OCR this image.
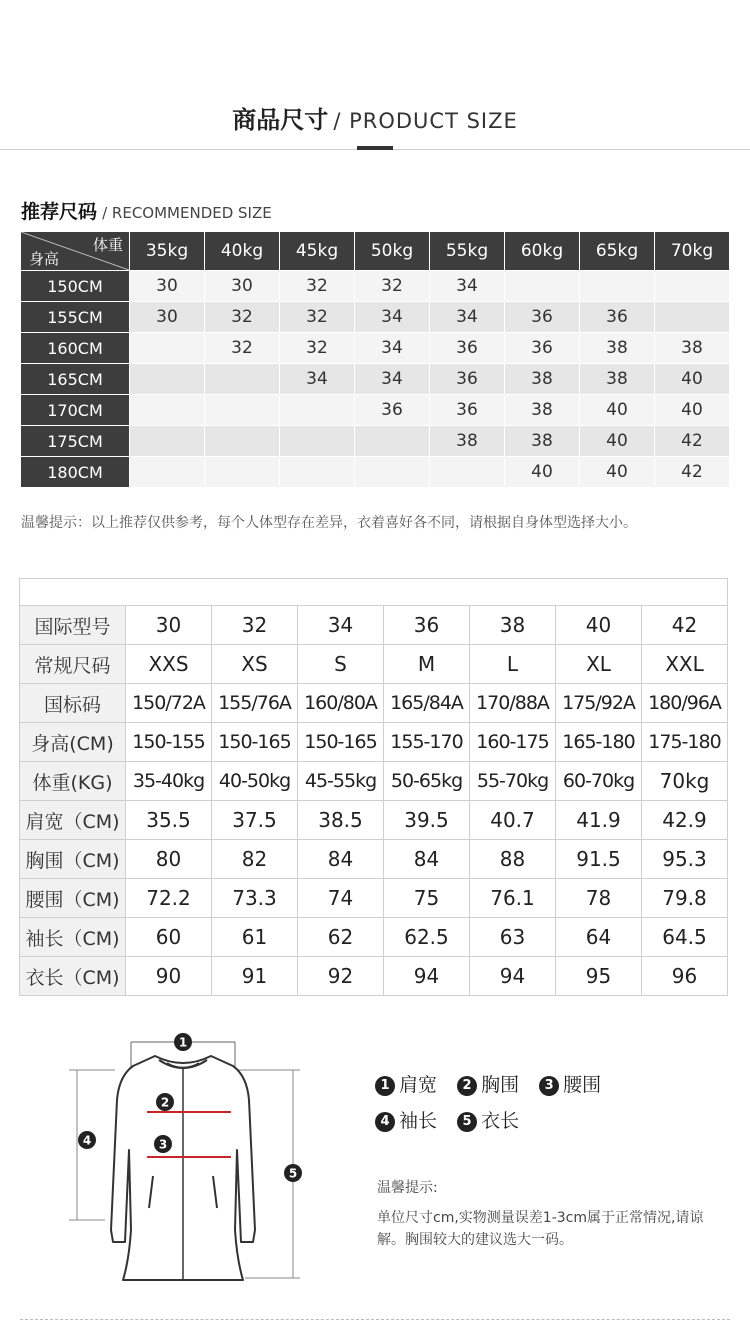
商品尺寸 / PRODUCT SIZE
推荐尺码 / RECOMMENDED SIZE
体重
身高	35kg	40kg	45kg	50kg	55kg	60kg	65kg	70kg
150CM	30	30	32	32	34			
155CM	30	32	32	34	34	36	36	
160CM		32	32	34	36	36	38	38
165CM			34	34	36	38	38	40
170CM				36	36	38	40	40
175CM					38	38	40	42
180CM						40	40	42
温馨提示：以上推荐仅供参考，每个人体型存在差异，衣着喜好各不同，请根据自身体型选择大小。

国际型号	30	32	34	36	38	40	42
常规尺码	XXS	XS	S	M	L	XL	XXL
国标码	150/72A	155/76A	160/80A	165/84A	170/88A	175/92A	180/96A
身高(CM)	150-155	150-165	150-165	155-170	160-175	165-180	175-180
体重(KG)	35-40kg	40-50kg	45-55kg	50-65kg	55-70kg	60-70kg	70kg
肩宽（CM)	35.5	37.5	38.5	39.5	40.7	41.9	42.9
胸围（CM)	80	82	84	84	88	91.5	95.3
腰围（CM)	72.2	73.3	74	75	76.1	78	79.8
袖长（CM)	60	61	62	62.5	63	64	64.5
衣长（CM)	90	91	92	94	94	95	96
1
2
3
4
5
1 肩宽 2 胸围 3 腰围
4 袖长 5 衣长
温馨提示:
单位尺寸cm,实物测量误差1-3cm属于正常情况,请谅解。胸围较大的建议选大一码。
